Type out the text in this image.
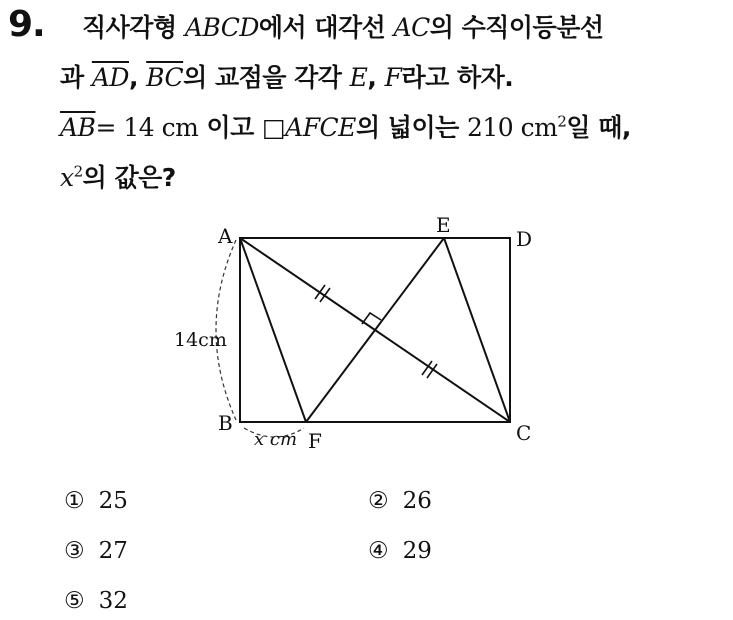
9. 직사각형 ABCD에서 대각선 AC의 수직이등분선
과 $\overline{AD}$, $\overline{BC}$의 교점을 각각 E, F라고 하자.
$\overline{AB}= 14$ cm 이고 □AFCE의 넓이는 210 $cm^2$일 때,
$x^2$의 값은?
A
B	C
D
E
F
14cm
x cm
① 25	② 26
③ 27	④ 29
⑤ 32
